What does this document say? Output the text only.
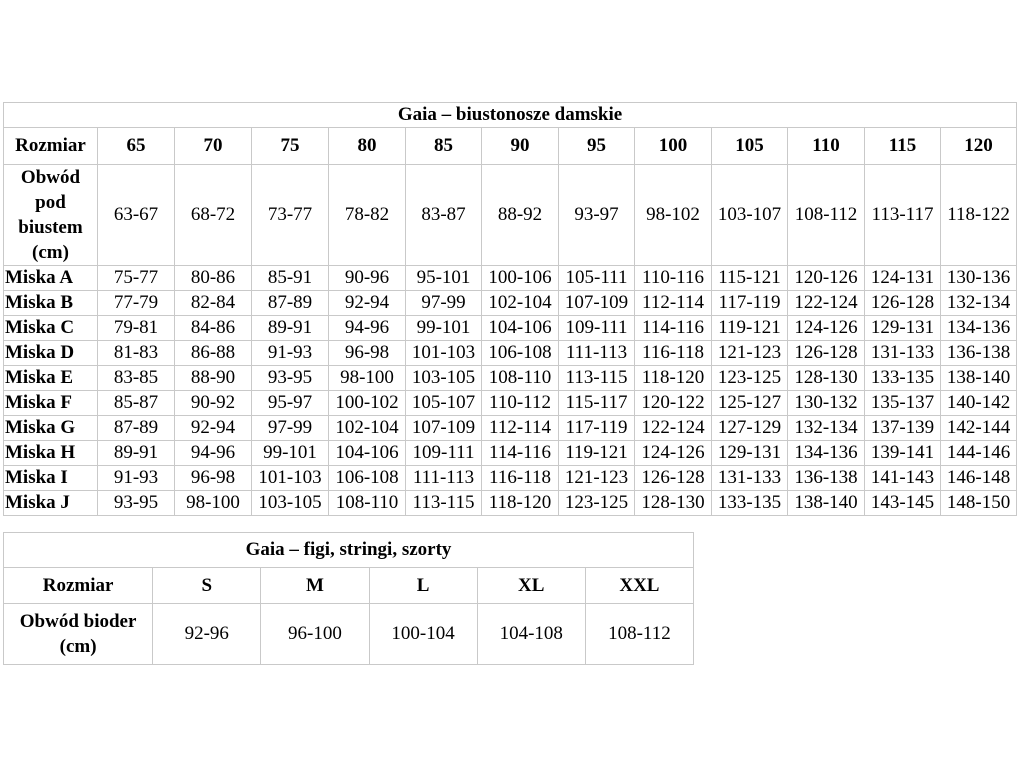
Gaia – biustonosze damskie												
Rozmiar	65	70	75	80	85	90	95	100	105	110	115	120
Obwód pod biustem (cm)	63-67	68-72	73-77	78-82	83-87	88-92	93-97	98-102	103-107	108-112	113-117	118-122
Miska A	75-77	80-86	85-91	90-96	95-101	100-106	105-111	110-116	115-121	120-126	124-131	130-136
Miska B	77-79	82-84	87-89	92-94	97-99	102-104	107-109	112-114	117-119	122-124	126-128	132-134
Miska C	79-81	84-86	89-91	94-96	99-101	104-106	109-111	114-116	119-121	124-126	129-131	134-136
Miska D	81-83	86-88	91-93	96-98	101-103	106-108	111-113	116-118	121-123	126-128	131-133	136-138
Miska E	83-85	88-90	93-95	98-100	103-105	108-110	113-115	118-120	123-125	128-130	133-135	138-140
Miska F	85-87	90-92	95-97	100-102	105-107	110-112	115-117	120-122	125-127	130-132	135-137	140-142
Miska G	87-89	92-94	97-99	102-104	107-109	112-114	117-119	122-124	127-129	132-134	137-139	142-144
Miska H	89-91	94-96	99-101	104-106	109-111	114-116	119-121	124-126	129-131	134-136	139-141	144-146
Miska I	91-93	96-98	101-103	106-108	111-113	116-118	121-123	126-128	131-133	136-138	141-143	146-148
Miska J	93-95	98-100	103-105	108-110	113-115	118-120	123-125	128-130	133-135	138-140	143-145	148-150
Gaia – figi, stringi, szorty					
Rozmiar	S	M	L	XL	XXL
Obwód bioder (cm)	92-96	96-100	100-104	104-108	108-112
